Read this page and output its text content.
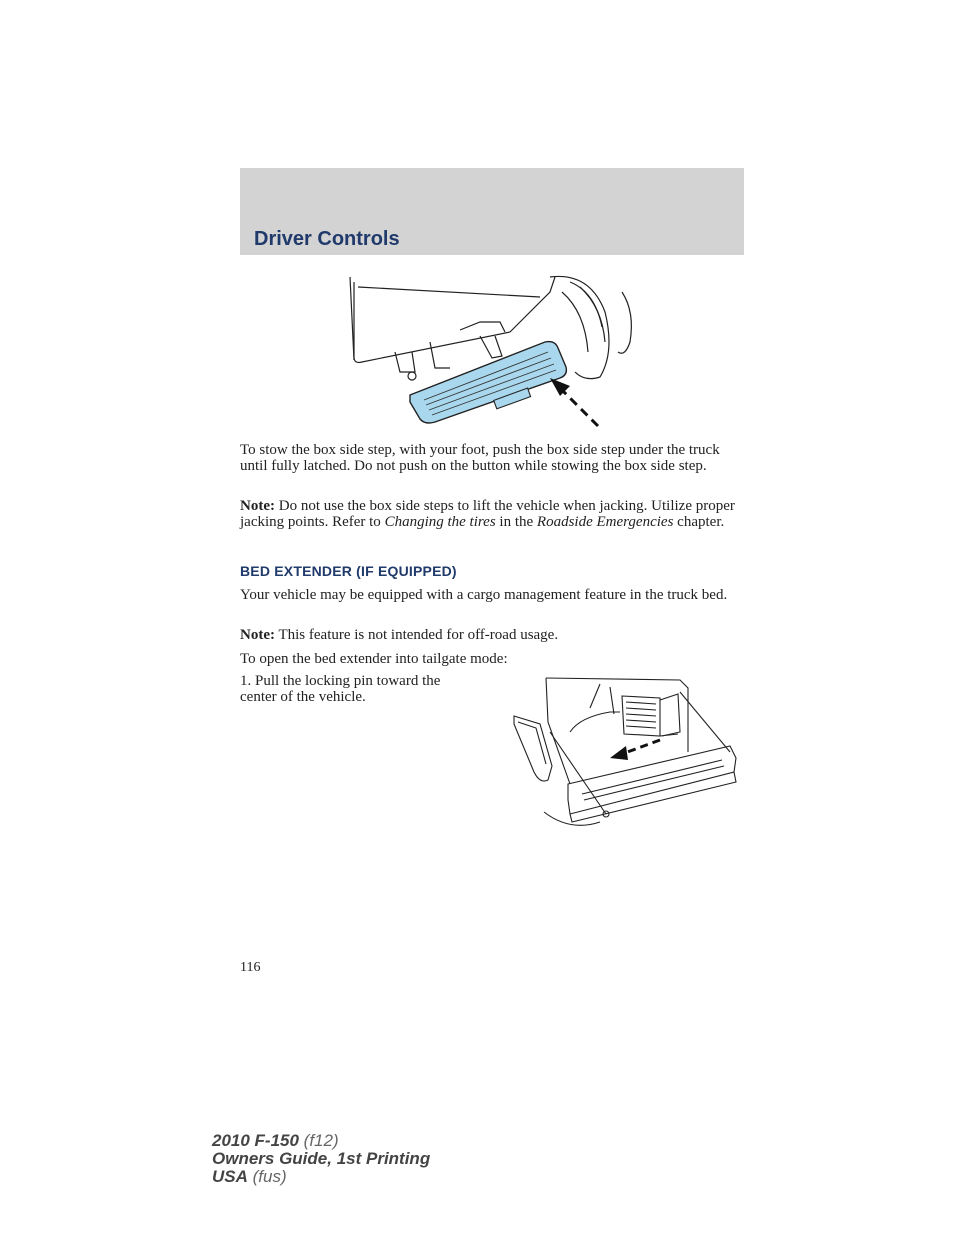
Driver Controls
To stow the box side step, with your foot, push the box side step under the truck until fully latched. Do not push on the button while stowing the box side step.
Note: Do not use the box side steps to lift the vehicle when jacking. Utilize proper jacking points. Refer to Changing the tires in the Roadside Emergencies chapter.
BED EXTENDER (IF EQUIPPED)
Your vehicle may be equipped with a cargo management feature in the truck bed.
Note: This feature is not intended for off-road usage.
To open the bed extender into tailgate mode:
1. Pull the locking pin toward the center of the vehicle.
116
2010 F-150 (f12)
Owners Guide, 1st Printing
USA (fus)
